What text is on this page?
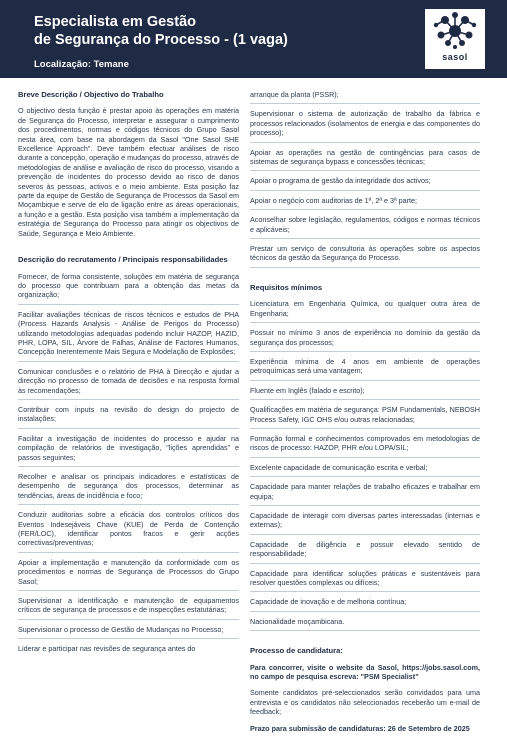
Especialista em Gestão
de Segurança do Processo - (1 vaga)
Localização: Temane
sasol
Breve Descrição / Objectivo do Trabalho

O objectivo desta função é prestar apoio às operações em matéria de Segurança do Processo, interpretar e assegurar o cumprimento dos procedimentos, normas e códigos técnicos do Grupo Sasol nesta área, com base na abordagem da Sasol "One Sasol SHE Excellence Approach". Deve também efectuar análises de risco durante a concepção, operação e mudanças do processo, através de metodologias de análise e avaliação de risco do processo, visando a prevenção de incidentes do processo devido ao risco de danos severos às pessoas, activos e o meio ambiente. Esta posição faz parte da equipe de Gestão de Segurança de Processos da Sasol em Moçambique e serve de elo de ligação entre as áreas operacionais, a função e a gestão. Esta posição visa também a implementação da estratégia de Segurança do Processo para atingir os objectivos de Saúde, Segurança e Meio Ambiente.

Descrição do recrutamento / Principais responsabilidades

Fornecer, de forma consistente, soluções em matéria de segurança do processo que contribuam para a obtenção das metas da organização;

Facilitar avaliações técnicas de riscos técnicos e estudos de PHA (Process Hazards Analysis - Análise de Perigos do Processo) utilizando metodologias adequadas podendo incluir HAZOP, HAZID, PHR, LOPA, SIL, Árvore de Falhas, Análise de Factores Humanos, Concepção Inerentemente Mais Segura e Modelação de Explosões;

Comunicar conclusões e o relatório de PHA à Direcção e ajudar a direcção no processo de tomada de decisões e na resposta formal às recomendações;

Contribuir com inputs na revisão do design do projecto de instalações;

Facilitar a investigação de incidentes do processo e ajudar na compilação de relatórios de investigação, "lições aprendidas" e passos seguintes;

Recolher e analisar os principais indicadores e estatísticas de desempenho de segurança dos processos, determinar as tendências, áreas de incidência e foco;

Conduzir auditorias sobre a eficácia dos controlos críticos dos Eventos Indesejáveis Chave (KUE) de Perda de Contenção (FER/LOC), identificar pontos fracos e gerir acções correctivas/preventivas;

Apoiar a implementação e manutenção da conformidade com os procedimentos e normas de Segurança de Processos do Grupo Sasol;

Supervisionar a identificação e manutenção de equipamentos críticos de segurança de processos e de inspecções estatutárias;

Supervisionar o processo de Gestão de Mudanças no Processo;

Liderar e participar nas revisões de segurança antes do

arranque da planta (PSSR);

Supervisionar o sistema de autorização de trabalho da fábrica e processos relacionados (isolamentos de energia e das componentes do processo);

Apoiar as operações na gestão de contingências para casos de sistemas de segurança bypass e concessões técnicas;

Apoiar o programa de gestão da integridade dos activos;

Apoiar o negócio com auditorias de 1ª, 2ª e 3ª parte;

Aconselhar sobre legislação, regulamentos, códigos e normas técnicos e aplicáveis;

Prestar um serviço de consultoria às operações sobre os aspectos técnicos da gestão da Segurança do Processo.

Requisitos mínimos

Licenciatura em Engenharia Química, ou qualquer outra área de Engenharia;

Possuir no mínimo 3 anos de experiência no domínio da gestão da segurança dos processos;

Experiência mínima de 4 anos em ambiente de operações petroquímicas será uma vantagem;

Fluente em Inglês (falado e escrito);

Qualificações em matéria de segurança: PSM Fundamentals, NEBOSH Process Safety, IGC OHS e/ou outras relacionadas;

Formação formal e conhecimentos comprovados em metodologias de riscos de processo: HAZOP, PHR e/ou LOPA/SIL;

Excelente capacidade de comunicação escrita e verbal;

Capacidade para manter relações de trabalho eficazes e trabalhar em equipa;

Capacidade de interagir com diversas partes interessadas (internas e externas);

Capacidade de diligência e possuir elevado sentido de responsabilidade;

Capacidade para identificar soluções práticas e sustentáveis para resolver questões complexas ou difíceis;

Capacidade de inovação e de melhoria contínua;

Nacionalidade moçambicana.

Processo de candidatura:

Para concorrer, visite o website da Sasol, https://jobs.sasol.com, no campo de pesquisa escreva: "PSM Specialist"

Somente candidatos pré-seleccionados serão convidados para uma entrevista e os candidatos não seleccionados receberão um e-mail de feedback;

Prazo para submissão de candidaturas: 26 de Setembro de 2025
